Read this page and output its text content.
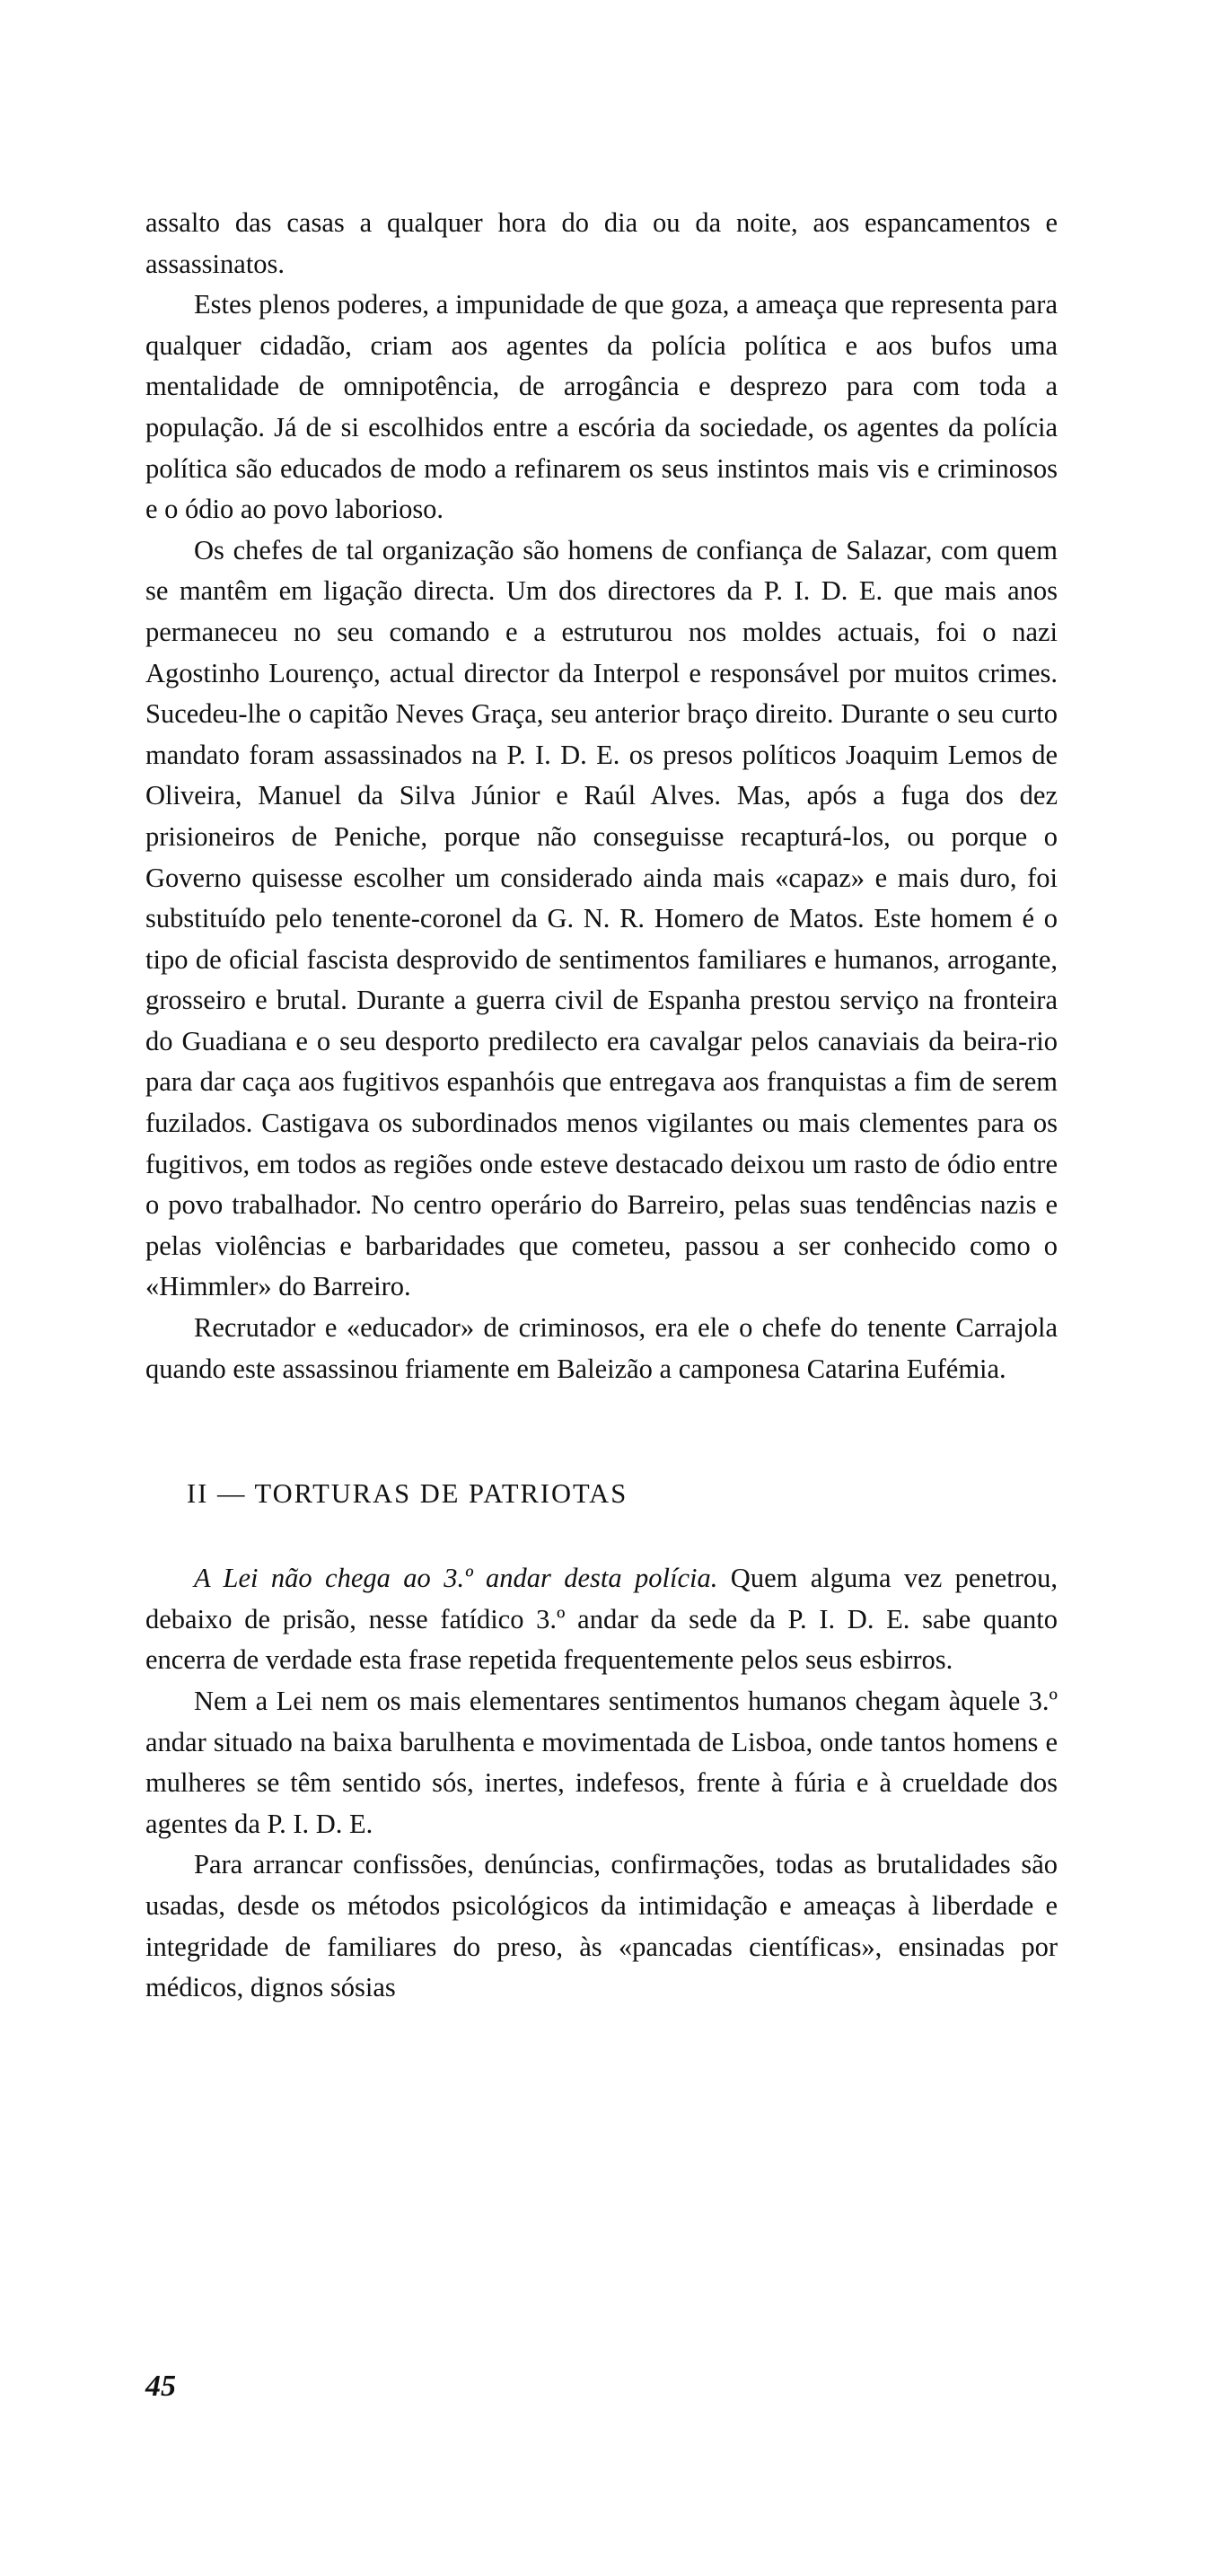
assalto das casas a qualquer hora do dia ou da noite, aos espancamentos e assassinatos.

Estes plenos poderes, a impunidade de que goza, a ameaça que representa para qualquer cidadão, criam aos agentes da polícia política e aos bufos uma mentalidade de omnipotência, de arrogância e desprezo para com toda a população. Já de si escolhidos entre a escória da sociedade, os agentes da polícia política são educados de modo a refinarem os seus instintos mais vis e criminosos e o ódio ao povo laborioso.

Os chefes de tal organização são homens de confiança de Salazar, com quem se mantêm em ligação directa. Um dos directores da P. I. D. E. que mais anos permaneceu no seu comando e a estruturou nos moldes actuais, foi o nazi Agostinho Lourenço, actual director da Interpol e responsável por muitos crimes. Sucedeu-lhe o capitão Neves Graça, seu anterior braço direito. Durante o seu curto mandato foram assassinados na P. I. D. E. os presos políticos Joaquim Lemos de Oliveira, Manuel da Silva Júnior e Raúl Alves. Mas, após a fuga dos dez prisioneiros de Peniche, porque não conseguisse recapturá-los, ou porque o Governo quisesse escolher um considerado ainda mais «capaz» e mais duro, foi substituído pelo tenente-coronel da G. N. R. Homero de Matos. Este homem é o tipo de oficial fascista desprovido de sentimentos familiares e humanos, arrogante, grosseiro e brutal. Durante a guerra civil de Espanha prestou serviço na fronteira do Guadiana e o seu desporto predilecto era cavalgar pelos canaviais da beira-rio para dar caça aos fugitivos espanhóis que entregava aos franquistas a fim de serem fuzilados. Castigava os subordinados menos vigilantes ou mais clementes para os fugitivos, em todos as regiões onde esteve destacado deixou um rasto de ódio entre o povo trabalhador. No centro operário do Barreiro, pelas suas tendências nazis e pelas violências e barbaridades que cometeu, passou a ser conhecido como o «Himmler» do Barreiro.

Recrutador e «educador» de criminosos, era ele o chefe do tenente Carrajola quando este assassinou friamente em Baleizão a camponesa Catarina Eufémia.

II — TORTURAS DE PATRIOTAS

A Lei não chega ao 3.º andar desta polícia. Quem alguma vez penetrou, debaixo de prisão, nesse fatídico 3.º andar da sede da P. I. D. E. sabe quanto encerra de verdade esta frase repetida frequentemente pelos seus esbirros.

Nem a Lei nem os mais elementares sentimentos humanos chegam àquele 3.º andar situado na baixa barulhenta e movimentada de Lisboa, onde tantos homens e mulheres se têm sentido sós, inertes, indefesos, frente à fúria e à crueldade dos agentes da P. I. D. E.

Para arrancar confissões, denúncias, confirmações, todas as brutalidades são usadas, desde os métodos psicológicos da intimidação e ameaças à liberdade e integridade de familiares do preso, às «pancadas científicas», ensinadas por médicos, dignos sósias

45
